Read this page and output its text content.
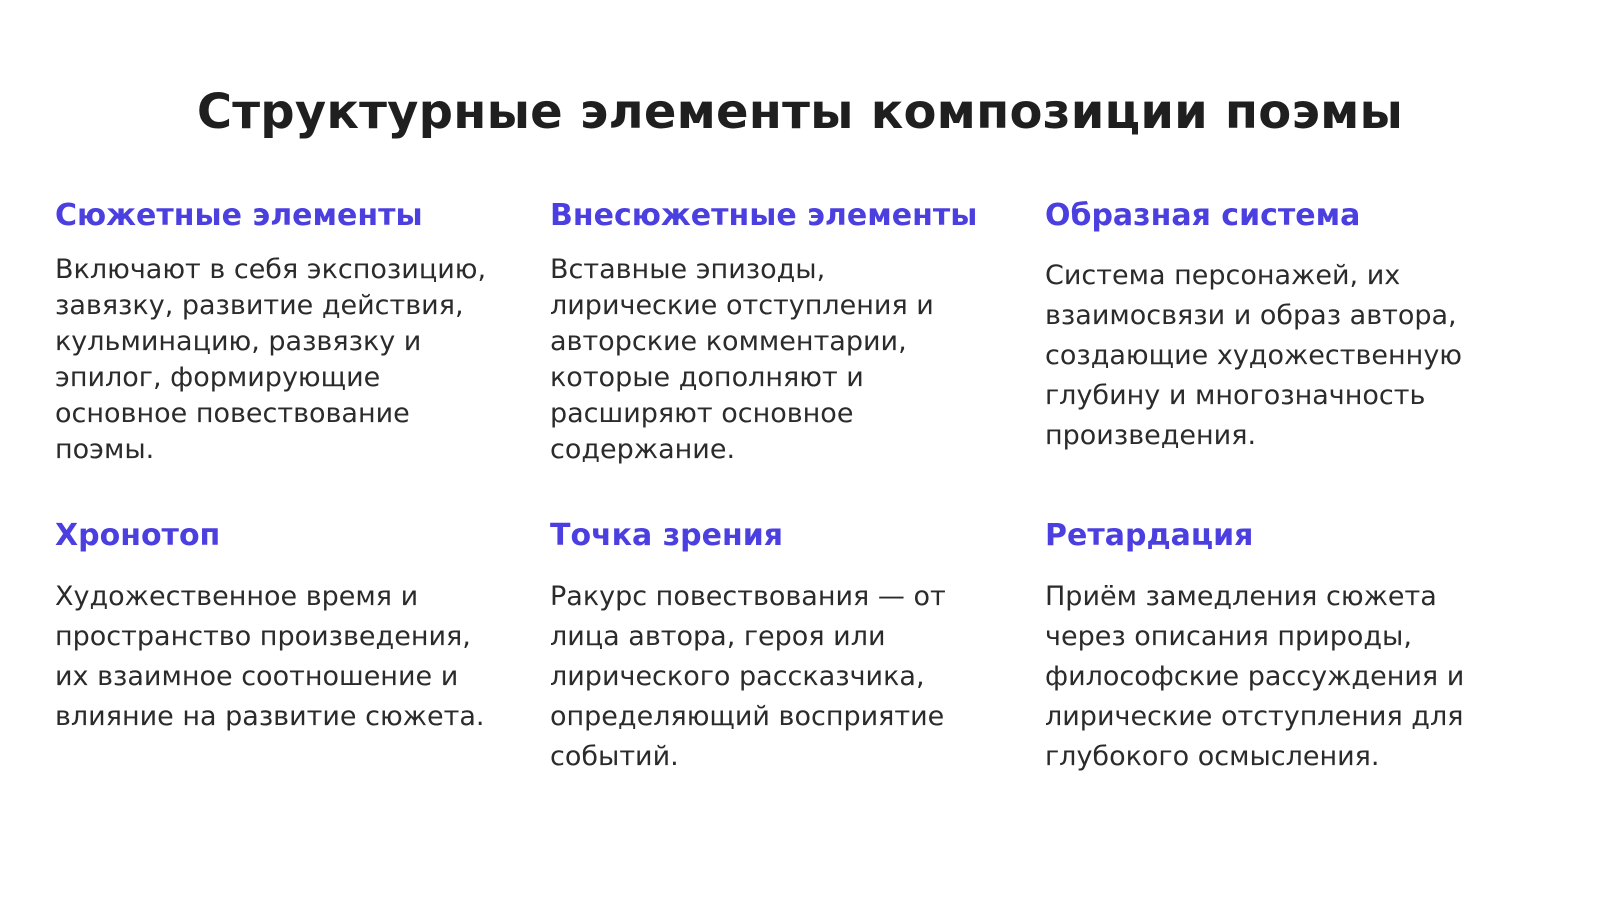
Структурные элементы композиции поэмы
Сюжетные элементы

Включают в себя экспозицию,
завязку, развитие действия,
кульминацию, развязку и
эпилог, формирующие
основное повествование
поэмы.

Внесюжетные элементы

Вставные эпизоды,
лирические отступления и
авторские комментарии,
которые дополняют и
расширяют основное
содержание.

Образная система

Система персонажей, их
взаимосвязи и образ автора,
создающие художественную
глубину и многозначность
произведения.

Хронотоп

Художественное время и
пространство произведения,
их взаимное соотношение и
влияние на развитие сюжета.

Точка зрения

Ракурс повествования — от
лица автора, героя или
лирического рассказчика,
определяющий восприятие
событий.

Ретардация

Приём замедления сюжета
через описания природы,
философские рассуждения и
лирические отступления для
глубокого осмысления.
